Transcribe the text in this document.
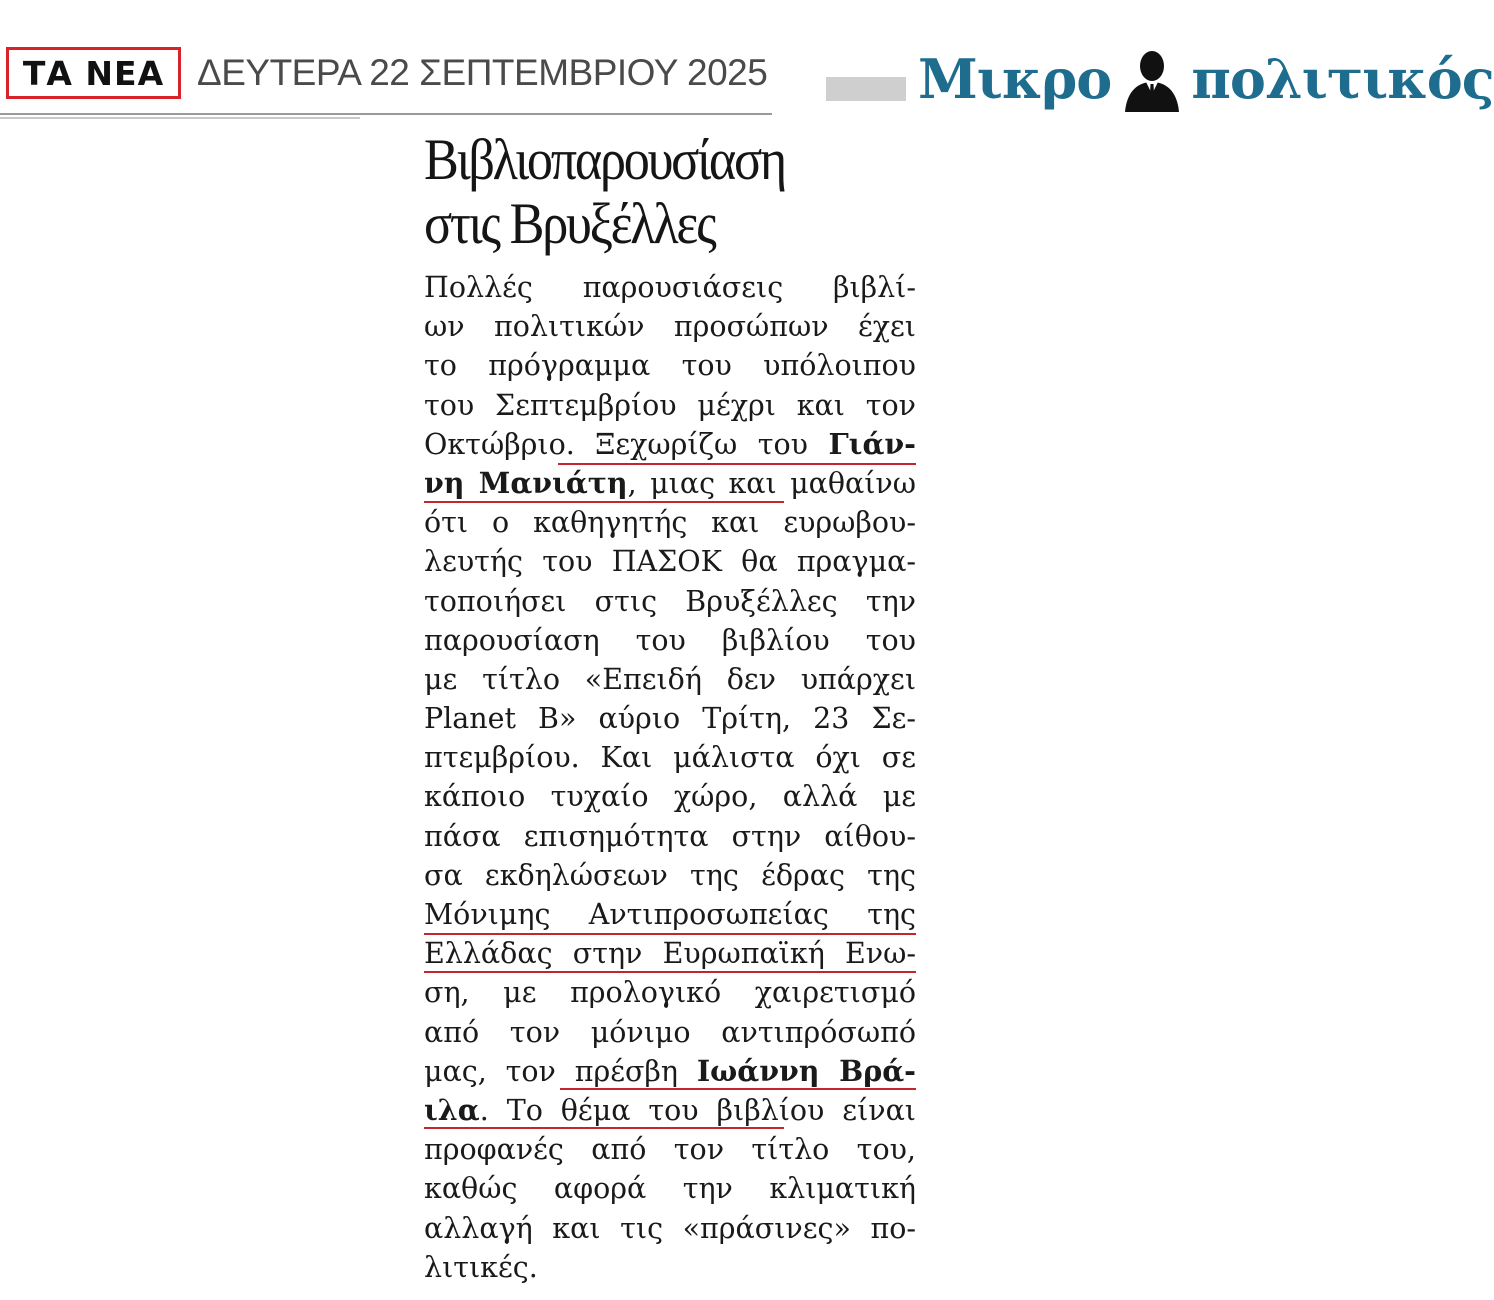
ΤΑ ΝΕΑ ΔΕΥΤΕΡΑ 22 ΣΕΠΤΕΜΒΡΙΟΥ 2025	Μικρο πολιτικός
Βιβλιοπαρουσίαση
στις Βρυξέλλες
Πολλές παρουσιάσεις βιβλί-
ων πολιτικών προσώπων έχει
το πρόγραμμα του υπόλοιπου
του Σεπτεμβρίου μέχρι και τον
Οκτώβριο. Ξεχωρίζω του Γιάν-
νη Μανιάτη, μιας και μαθαίνω
ότι ο καθηγητής και ευρωβου-
λευτής του ΠΑΣΟΚ θα πραγμα-
τοποιήσει στις Βρυξέλλες την
παρουσίαση του βιβλίου του
με τίτλο «Επειδή δεν υπάρχει
Planet B» αύριο Τρίτη, 23 Σε-
πτεμβρίου. Και μάλιστα όχι σε
κάποιο τυχαίο χώρο, αλλά με
πάσα επισημότητα στην αίθου-
σα εκδηλώσεων της έδρας της
Μόνιμης Αντιπροσωπείας της
Ελλάδας στην Ευρωπαϊκή Ενω-
ση, με προλογικό χαιρετισμό
από τον μόνιμο αντιπρόσωπό
μας, τον πρέσβη Ιωάννη Βρά-
ιλα. Το θέμα του βιβλίου είναι
προφανές από τον τίτλο του,
καθώς αφορά την κλιματική
αλλαγή και τις «πράσινες» πο-
λιτικές.
